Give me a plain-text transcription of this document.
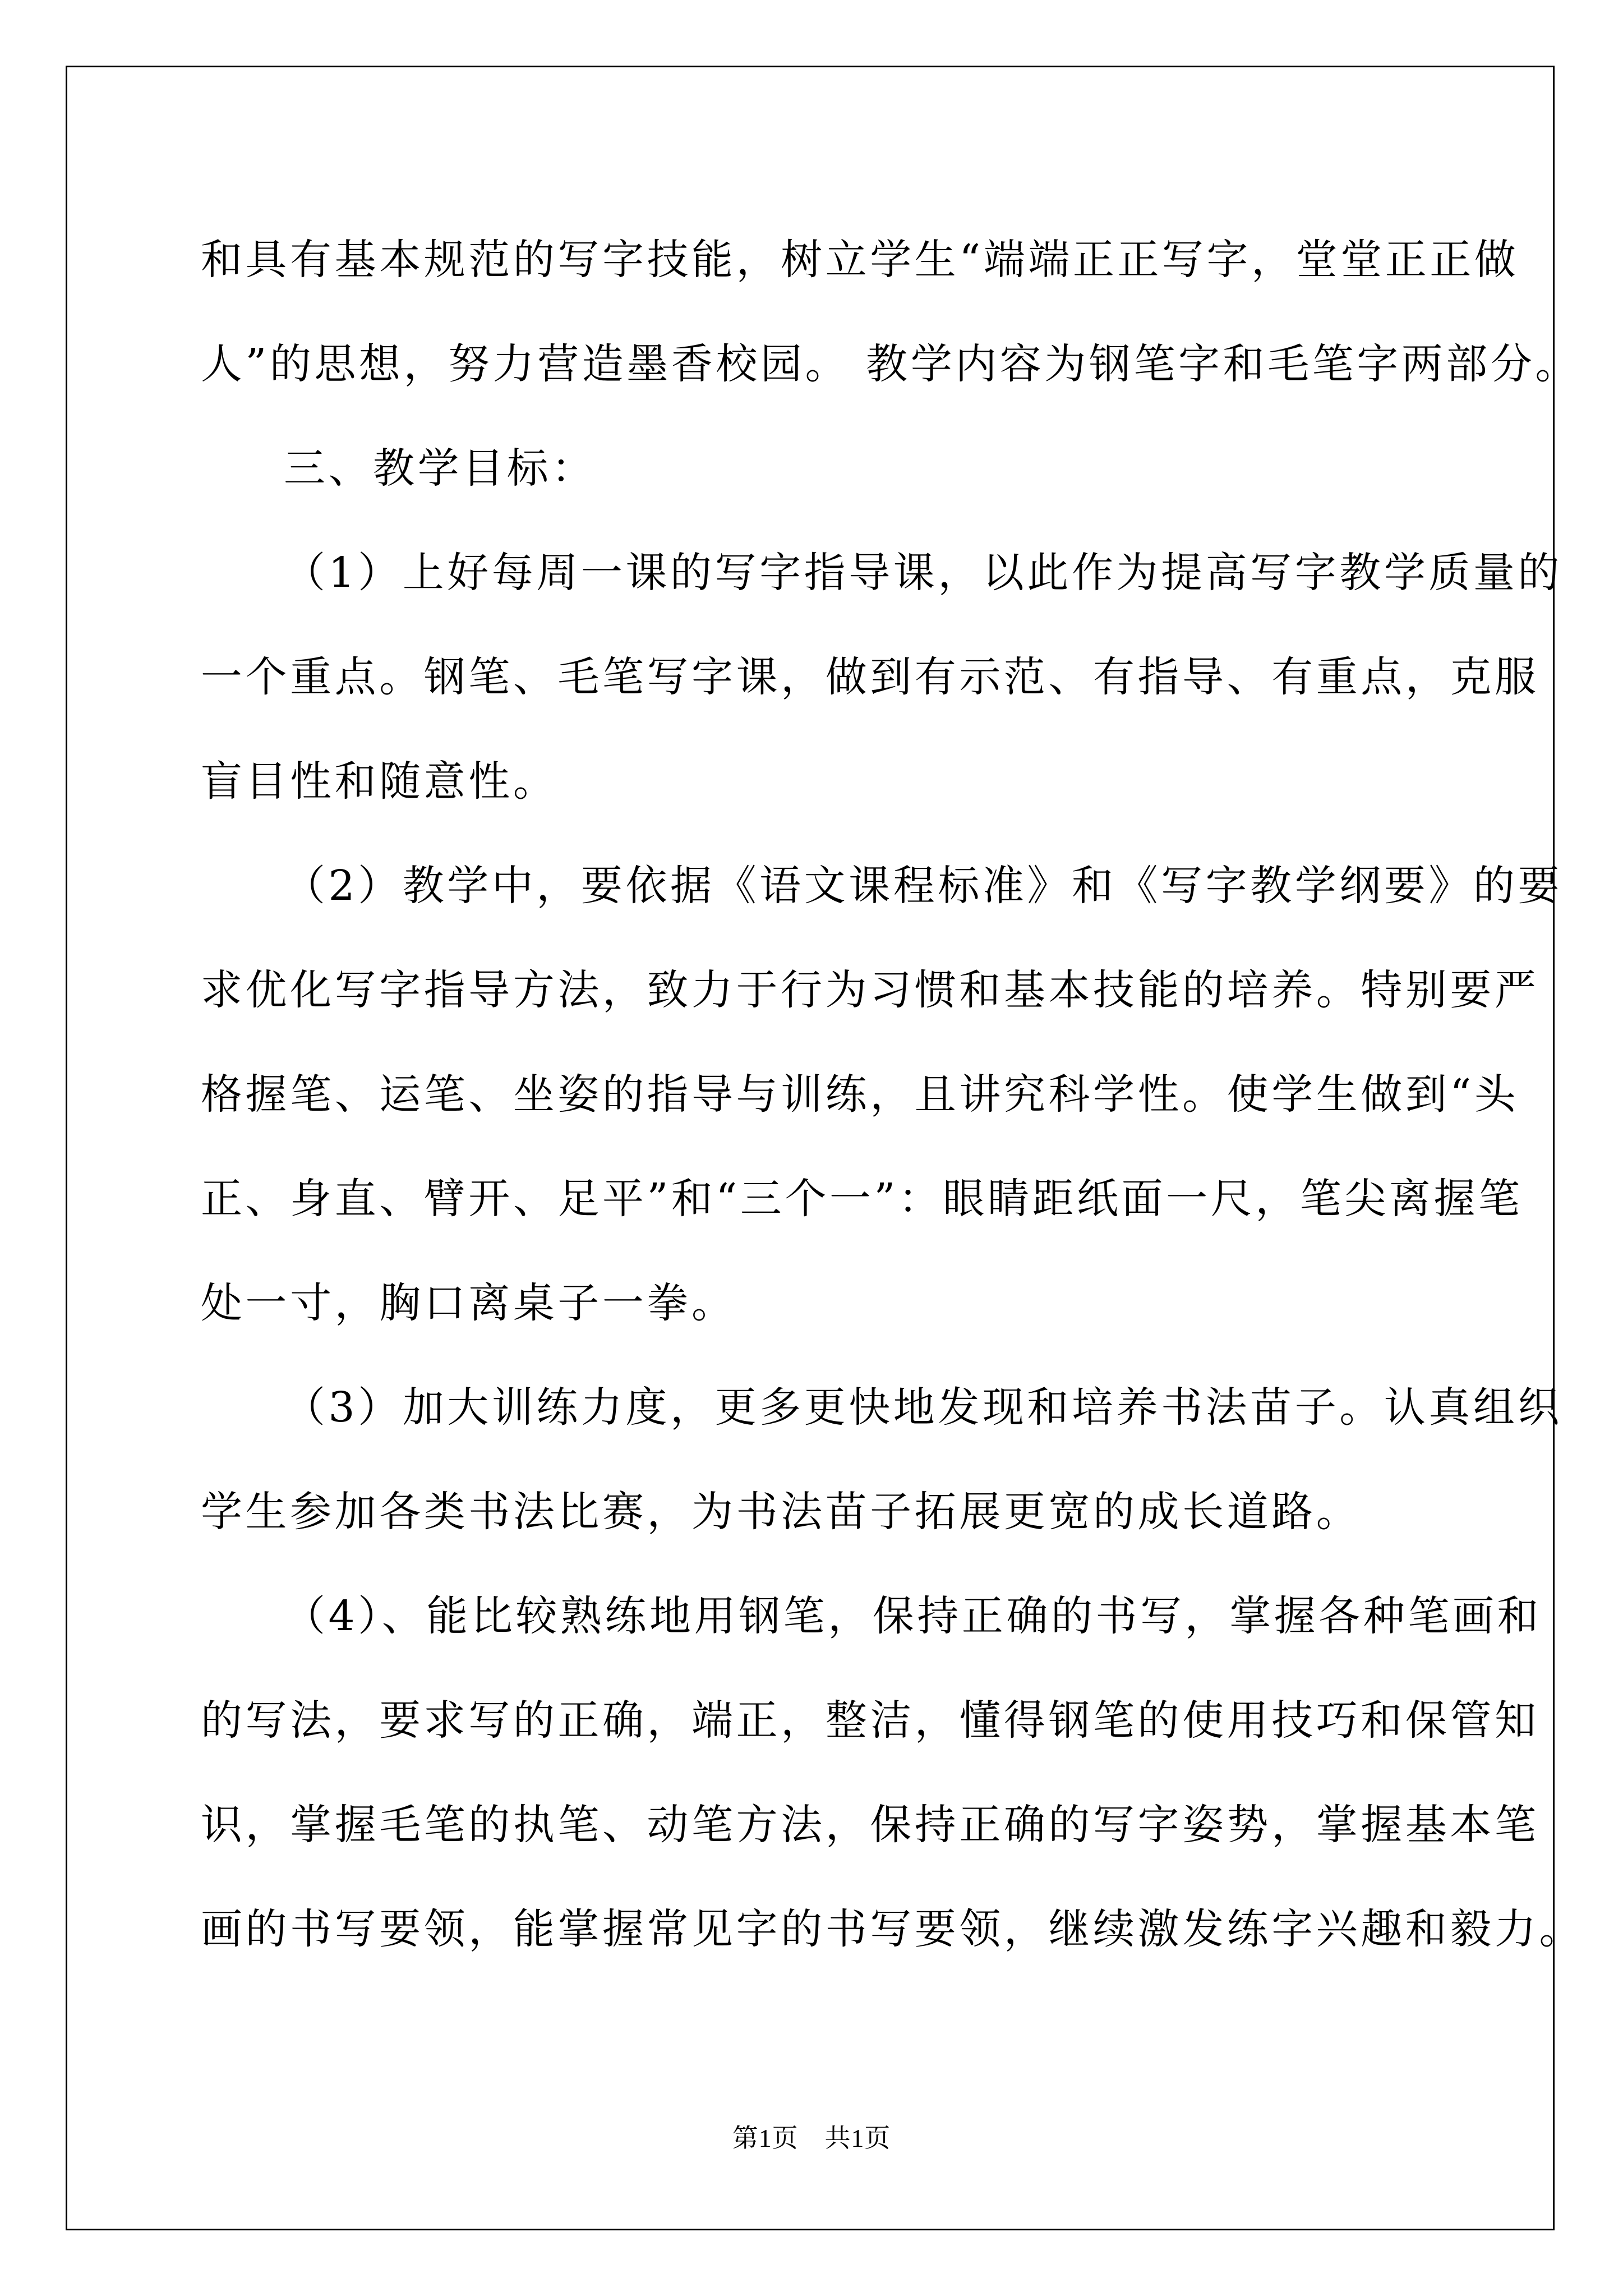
和具有基本规范的写字技能，树立学生“端端正正写字，堂堂正正做
人”的思想，努力营造墨香校园。 教学内容为钢笔字和毛笔字两部分。
三、教学目标：
（1）上好每周一课的写字指导课，以此作为提高写字教学质量的
一个重点。钢笔、毛笔写字课，做到有示范、有指导、有重点，克服
盲目性和随意性。
（2）教学中，要依据《语文课程标准》和《写字教学纲要》的要
求优化写字指导方法，致力于行为习惯和基本技能的培养。特别要严
格握笔、运笔、坐姿的指导与训练，且讲究科学性。使学生做到“头
正、身直、臂开、足平”和“三个一”：眼睛距纸面一尺，笔尖离握笔
处一寸，胸口离桌子一拳。
（3）加大训练力度，更多更快地发现和培养书法苗子。认真组织
学生参加各类书法比赛，为书法苗子拓展更宽的成长道路。
（4）、能比较熟练地用钢笔，保持正确的书写，掌握各种笔画和
的写法，要求写的正确，端正，整洁，懂得钢笔的使用技巧和保管知
识，掌握毛笔的执笔、动笔方法，保持正确的写字姿势，掌握基本笔
画的书写要领，能掌握常见字的书写要领，继续激发练字兴趣和毅力。
第1页　共1页
